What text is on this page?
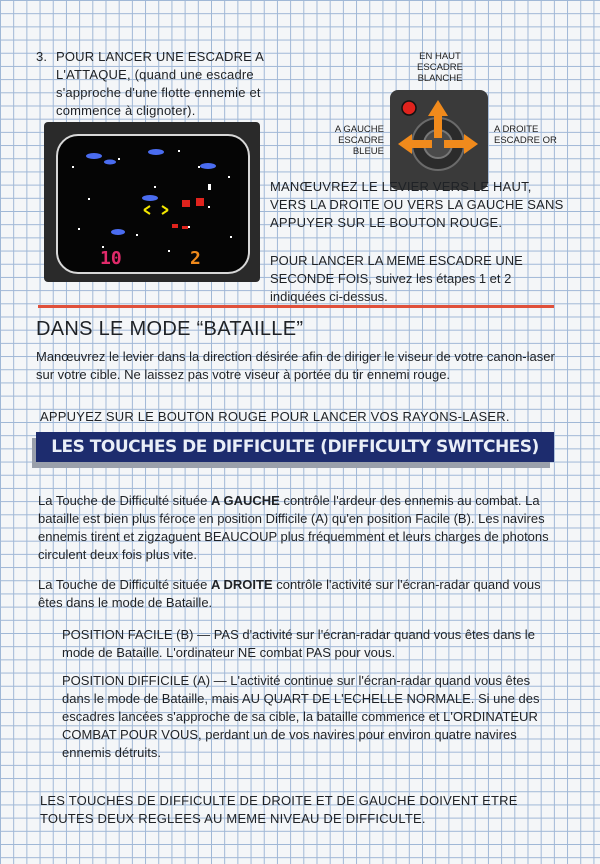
3. POUR LANCER UNE ESCADRE A
L'ATTAQUE, (quand une escadre s'approche d'une flotte ennemie et commence à clignoter).
10	2
EN HAUT ESCADRE BLANCHE
A GAUCHE ESCADRE BLEUE
A DROITE ESCADRE OR
MANŒUVREZ LE LEVIER VERS LE HAUT, VERS LA DROITE OU VERS LA GAUCHE SANS APPUYER SUR LE BOUTON ROUGE.
POUR LANCER LA MEME ESCADRE UNE SECONDE FOIS, suivez les étapes 1 et 2 indiquées ci-dessus.
DANS LE MODE “BATAILLE”
Manœuvrez le levier dans la direction désirée afin de diriger le viseur de votre canon-laser sur votre cible. Ne laissez pas votre viseur à portée du tir ennemi rouge.
APPUYEZ SUR LE BOUTON ROUGE POUR LANCER VOS RAYONS-LASER.
LES TOUCHES DE DIFFICULTE (DIFFICULTY SWITCHES)
La Touche de Difficulté située A GAUCHE contrôle l'ardeur des ennemis au combat. La bataille est bien plus féroce en position Difficile (A) qu'en position Facile (B). Les navires ennemis tirent et zigzaguent BEAUCOUP plus fréquemment et leurs charges de photons circulent deux fois plus vite.
La Touche de Difficulté située A DROITE contrôle l'activité sur l'écran-radar quand vous êtes dans le mode de Bataille.
POSITION FACILE (B) — PAS d'activité sur l'écran-radar quand vous êtes dans le mode de Bataille. L'ordinateur NE combat PAS pour vous.
POSITION DIFFICILE (A) — L'activité continue sur l'écran-radar quand vous êtes dans le mode de Bataille, mais AU QUART DE L'ECHELLE NORMALE. Si une des escadres lancées s'approche de sa cible, la bataille commence et L'ORDINATEUR COMBAT POUR VOUS, perdant un de vos navires pour environ quatre navires ennemis détruits.
LES TOUCHES DE DIFFICULTE DE DROITE ET DE GAUCHE DOIVENT ETRE TOUTES DEUX REGLEES AU MEME NIVEAU DE DIFFICULTE.
